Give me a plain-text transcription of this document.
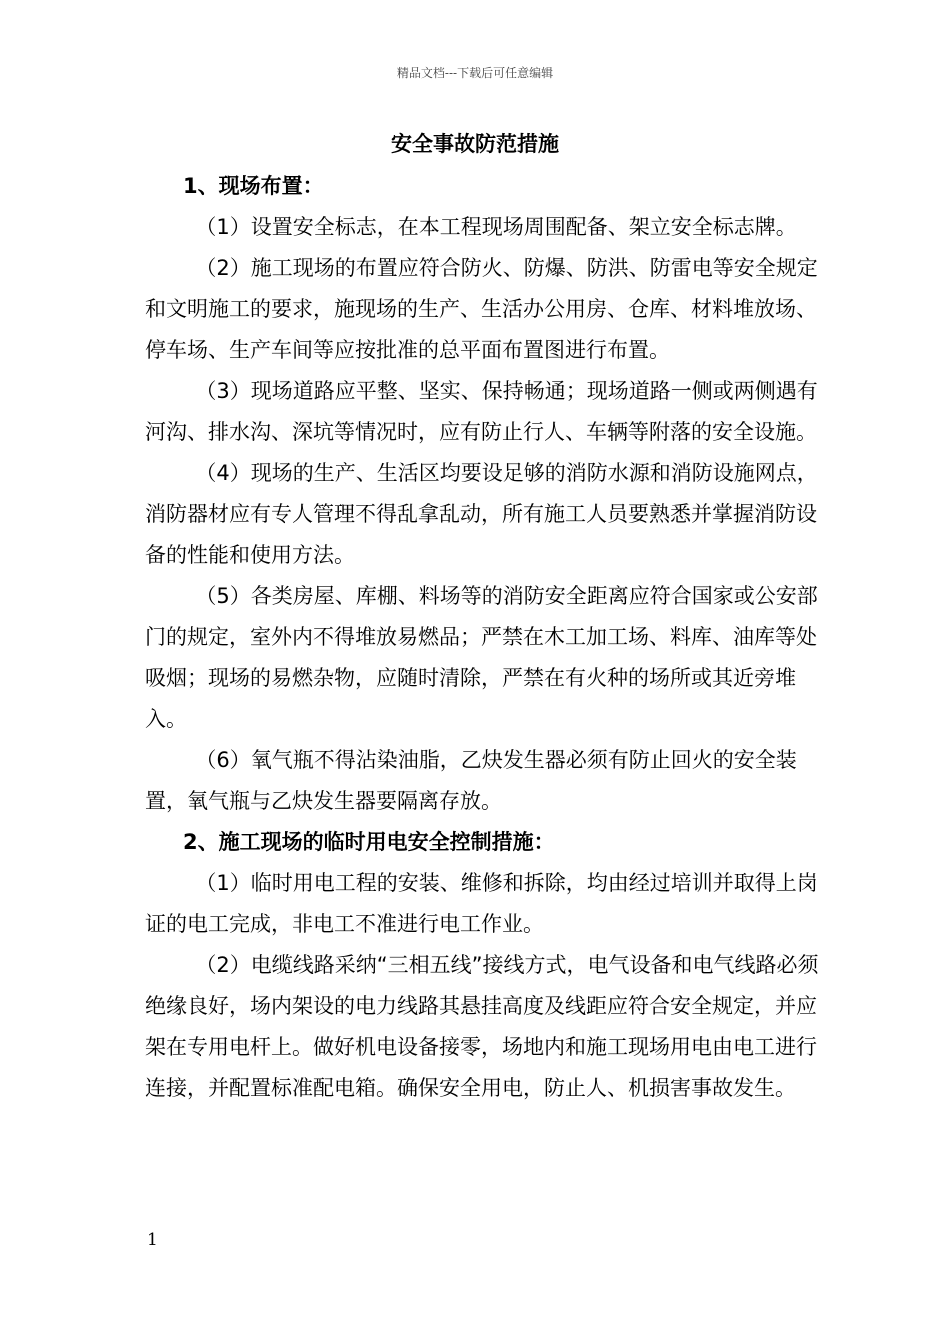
精品文档---下载后可任意编辑
安全事故防范措施
1、现场布置：

（1）设置安全标志，在本工程现场周围配备、架立安全标志牌。

（2）施工现场的布置应符合防火、防爆、防洪、防雷电等安全规定和文明施工的要求，施现场的生产、生活办公用房、仓库、材料堆放场、停车场、生产车间等应按批准的总平面布置图进行布置。

（3）现场道路应平整、坚实、保持畅通；现场道路一侧或两侧遇有河沟、排水沟、深坑等情况时，应有防止行人、车辆等附落的安全设施。

（4）现场的生产、生活区均要设足够的消防水源和消防设施网点，消防器材应有专人管理不得乱拿乱动，所有施工人员要熟悉并掌握消防设备的性能和使用方法。

（5）各类房屋、库棚、料场等的消防安全距离应符合国家或公安部门的规定，室外内不得堆放易燃品；严禁在木工加工场、料库、油库等处吸烟；现场的易燃杂物，应随时清除，严禁在有火种的场所或其近旁堆入。

（6）氧气瓶不得沾染油脂，乙炔发生器必须有防止回火的安全装置，氧气瓶与乙炔发生器要隔离存放。

2、施工现场的临时用电安全控制措施：

（1）临时用电工程的安装、维修和拆除，均由经过培训并取得上岗证的电工完成，非电工不准进行电工作业。

（2）电缆线路采纳“三相五线”接线方式，电气设备和电气线路必须绝缘良好，场内架设的电力线路其悬挂高度及线距应符合安全规定，并应架在专用电杆上。做好机电设备接零，场地内和施工现场用电由电工进行连接，并配置标准配电箱。确保安全用电，防止人、机损害事故发生。

1
